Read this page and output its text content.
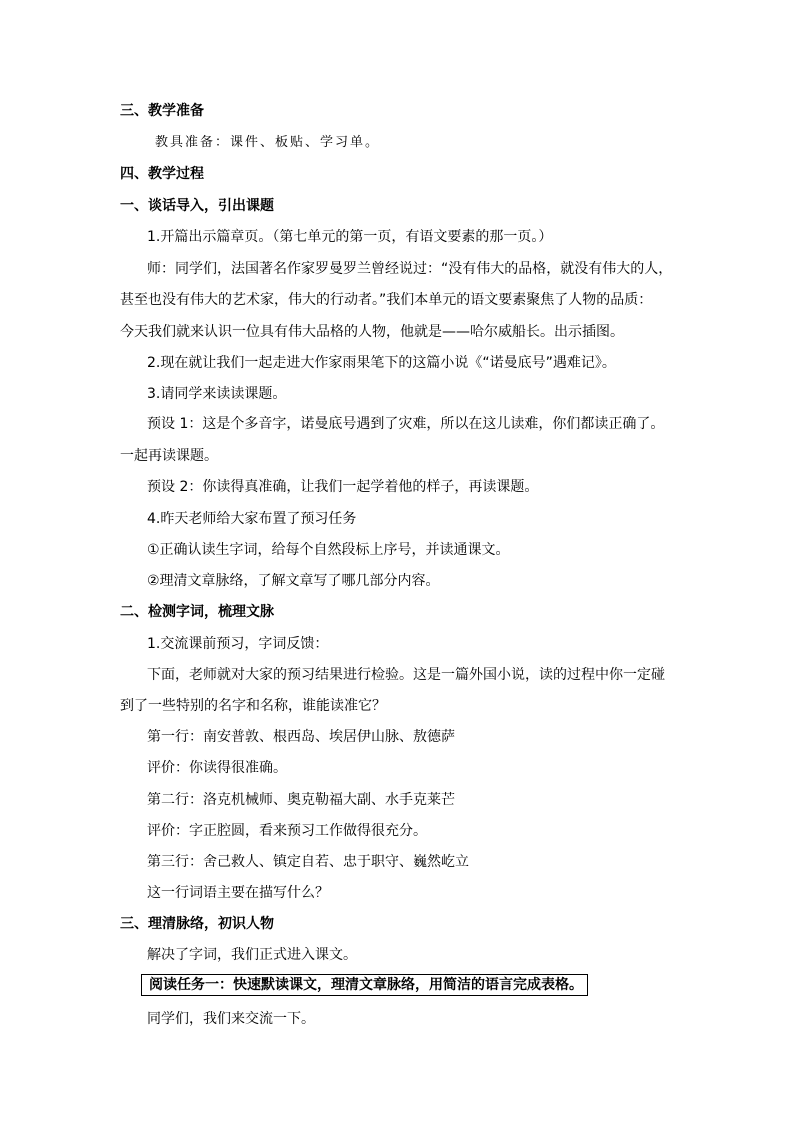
三、教学准备
教具准备：课件、板贴、学习单。
四、教学过程
一、谈话导入，引出课题
1.开篇出示篇章页。（第七单元的第一页，有语文要素的那一页。）
师：同学们，法国著名作家罗曼罗兰曾经说过：“没有伟大的品格，就没有伟大的人，
甚至也没有伟大的艺术家，伟大的行动者。”我们本单元的语文要素聚焦了人物的品质：
今天我们就来认识一位具有伟大品格的人物，他就是——哈尔威船长。出示插图。
2.现在就让我们一起走进大作家雨果笔下的这篇小说《“诺曼底号”遇难记》。
3.请同学来读读课题。
预设 1：这是个多音字，诺曼底号遇到了灾难，所以在这儿读难，你们都读正确了。
一起再读课题。
预设 2：你读得真准确，让我们一起学着他的样子，再读课题。
4.昨天老师给大家布置了预习任务
①正确认读生字词，给每个自然段标上序号，并读通课文。
②理清文章脉络，了解文章写了哪几部分内容。
二、检测字词，梳理文脉
1.交流课前预习，字词反馈：
下面，老师就对大家的预习结果进行检验。这是一篇外国小说，读的过程中你一定碰
到了一些特别的名字和名称，谁能读准它？
第一行：南安普敦、根西岛、埃居伊山脉、敖德萨
评价：你读得很准确。
第二行：洛克机械师、奥克勒福大副、水手克莱芒
评价：字正腔圆，看来预习工作做得很充分。
第三行：舍己救人、镇定自若、忠于职守、巍然屹立
这一行词语主要在描写什么？
三、理清脉络，初识人物
解决了字词，我们正式进入课文。
阅读任务一：快速默读课文，理清文章脉络，用简洁的语言完成表格。
同学们，我们来交流一下。
